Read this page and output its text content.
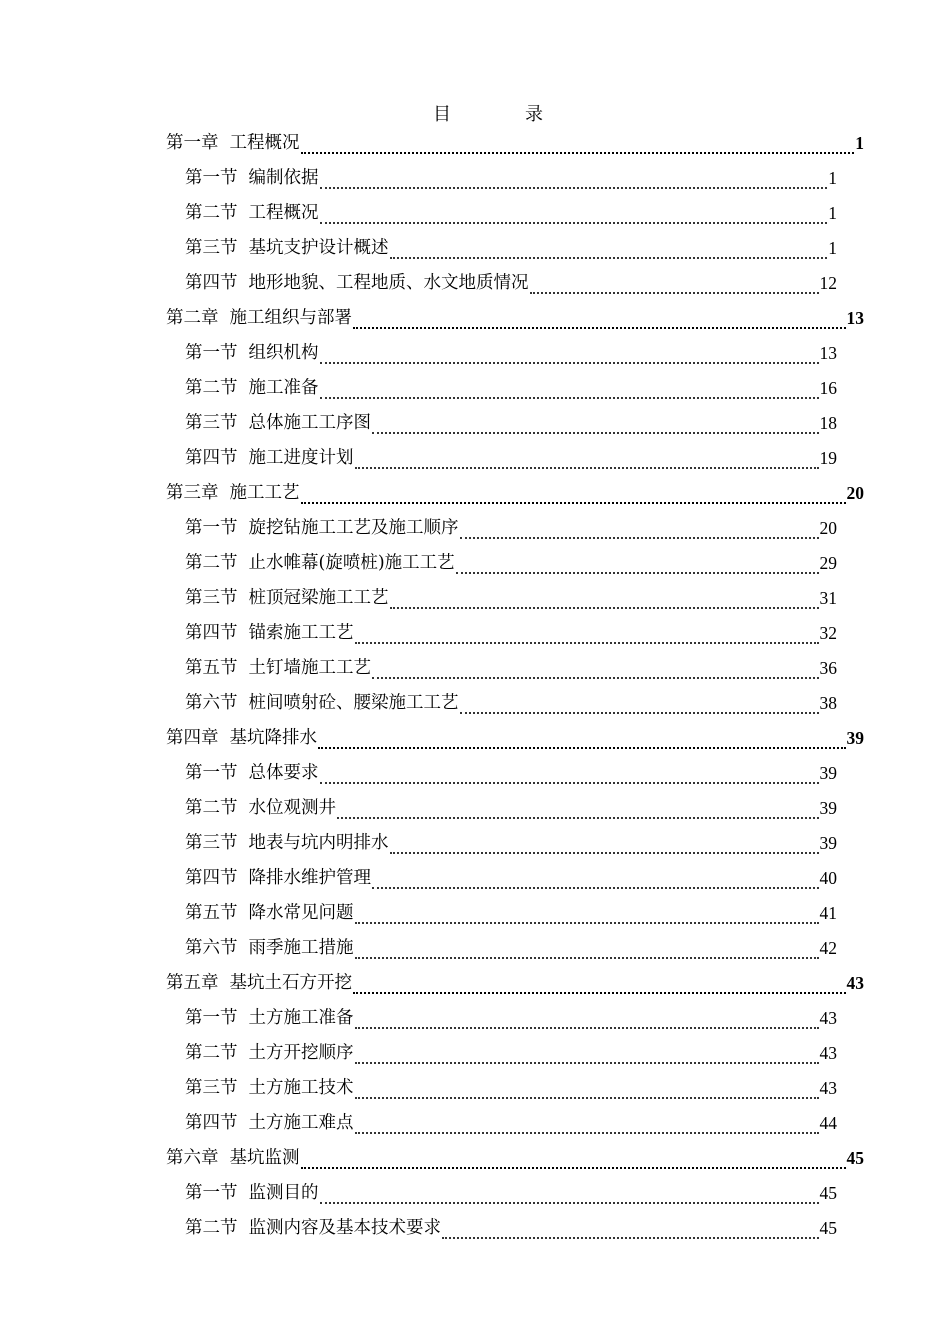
目　录
第一章 工程概况	1
第一节 编制依据	1
第二节 工程概况	1
第三节 基坑支护设计概述	1
第四节 地形地貌、工程地质、水文地质情况	12
第二章 施工组织与部署	13
第一节 组织机构	13
第二节 施工准备	16
第三节 总体施工工序图	18
第四节 施工进度计划	19
第三章 施工工艺	20
第一节 旋挖钻施工工艺及施工顺序	20
第二节 止水帷幕(旋喷桩)施工工艺	29
第三节 桩顶冠梁施工工艺	31
第四节 锚索施工工艺	32
第五节 土钉墙施工工艺	36
第六节 桩间喷射砼、腰梁施工工艺	38
第四章 基坑降排水	39
第一节 总体要求	39
第二节 水位观测井	39
第三节 地表与坑内明排水	39
第四节 降排水维护管理	40
第五节 降水常见问题	41
第六节 雨季施工措施	42
第五章 基坑土石方开挖	43
第一节 土方施工准备	43
第二节 土方开挖顺序	43
第三节 土方施工技术	43
第四节 土方施工难点	44
第六章 基坑监测	45
第一节 监测目的	45
第二节 监测内容及基本技术要求	45
